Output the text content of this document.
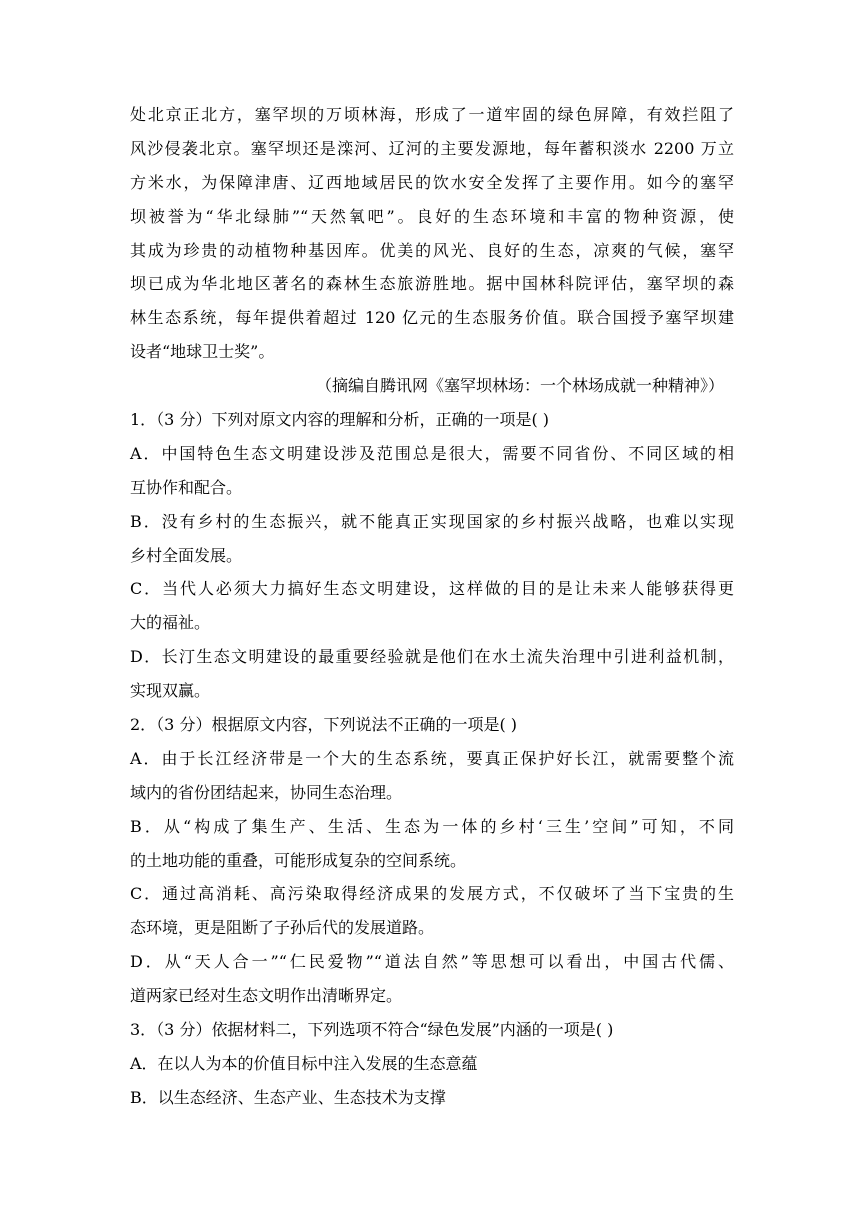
处北京正北方，塞罕坝的万顷林海，形成了一道牢固的绿色屏障，有效拦阻了
风沙侵袭北京。塞罕坝还是滦河、辽河的主要发源地，每年蓄积淡水 2200 万立
方米水，为保障津唐、辽西地域居民的饮水安全发挥了主要作用。如今的塞罕
坝被誉为“华北绿肺”“天然氧吧”。良好的生态环境和丰富的物种资源，使
其成为珍贵的动植物种基因库。优美的风光、良好的生态，凉爽的气候，塞罕
坝已成为华北地区著名的森林生态旅游胜地。据中国林科院评估，塞罕坝的森
林生态系统，每年提供着超过 120 亿元的生态服务价值。联合国授予塞罕坝建
设者“地球卫士奖”。
（摘编自腾讯网《塞罕坝林场：一个林场成就一种精神》）
1．（3 分）下列对原文内容的理解和分析，正确的一项是( )
A．中国特色生态文明建设涉及范围总是很大，需要不同省份、不同区域的相
互协作和配合。
B．没有乡村的生态振兴，就不能真正实现国家的乡村振兴战略，也难以实现
乡村全面发展。
C．当代人必须大力搞好生态文明建设，这样做的目的是让未来人能够获得更
大的福祉。
D．长汀生态文明建设的最重要经验就是他们在水土流失治理中引进利益机制，
实现双赢。
2．（3 分）根据原文内容，下列说法不正确的一项是( )
A．由于长江经济带是一个大的生态系统，要真正保护好长江，就需要整个流
域内的省份团结起来，协同生态治理。
B．从“构成了集生产、生活、生态为一体的乡村‘三生’空间”可知，不同
的土地功能的重叠，可能形成复杂的空间系统。
C．通过高消耗、高污染取得经济成果的发展方式，不仅破坏了当下宝贵的生
态环境，更是阻断了子孙后代的发展道路。
D．从“天人合一”“仁民爱物”“道法自然”等思想可以看出，中国古代儒、
道两家已经对生态文明作出清晰界定。
3．（3 分）依据材料二，下列选项不符合“绿色发展”内涵的一项是( )
A．在以人为本的价值目标中注入发展的生态意蕴
B．以生态经济、生态产业、生态技术为支撑
